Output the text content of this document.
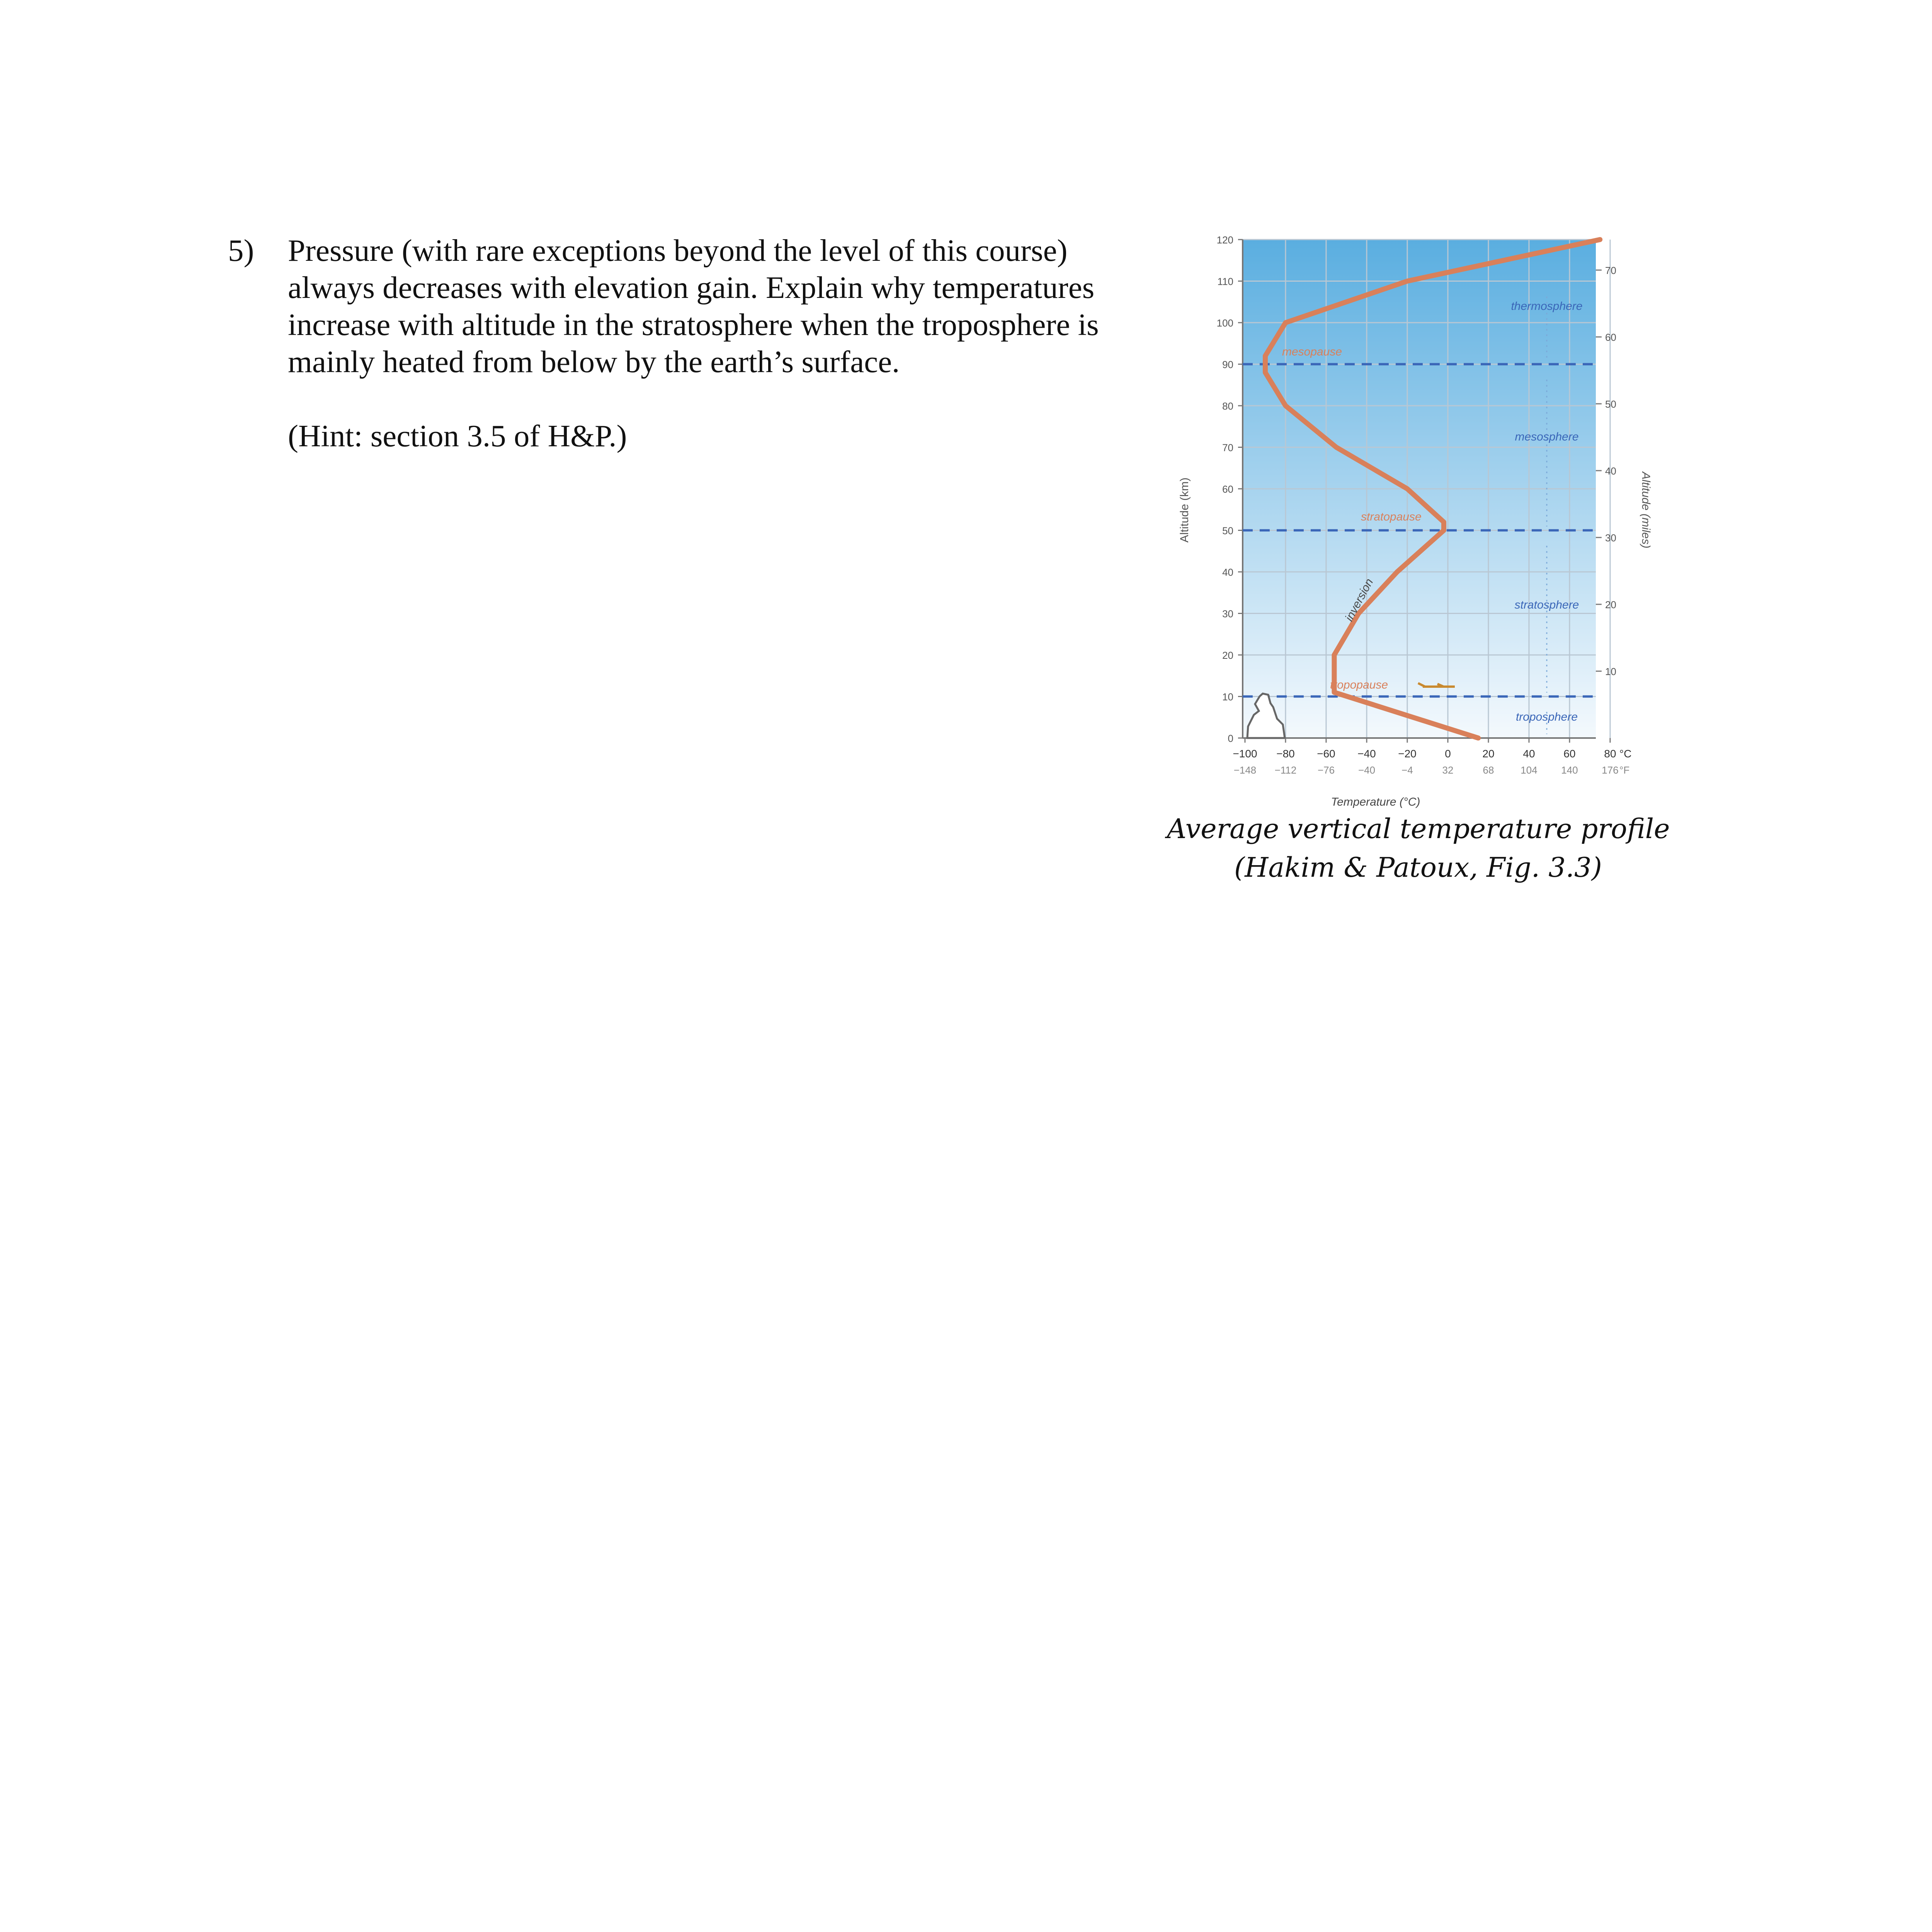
5) Pressure (with rare exceptions beyond the level of this course)
always decreases with elevation gain. Explain why temperatures
increase with altitude in the stratosphere when the troposphere is
mainly heated from below by the earth’s surface.
(Hint: section 3.5 of H&P.)
0
10
20
30
40
50
60
70
80
90
100
110
120
10
20
30
40
50
60
70
−100
−148
−80
−112
−60
−76
−40
−40
−20
−4
0
32
20
68
40
104
60
140
80
176
°C
°F
thermosphere
mesosphere
stratosphere
troposphere
mesopause
stratopause
tropopause
inversion
Altitude (km)	Altitude (miles)
Temperature (°C)
Average vertical temperature profile
(Hakim & Patoux, Fig. 3.3)
